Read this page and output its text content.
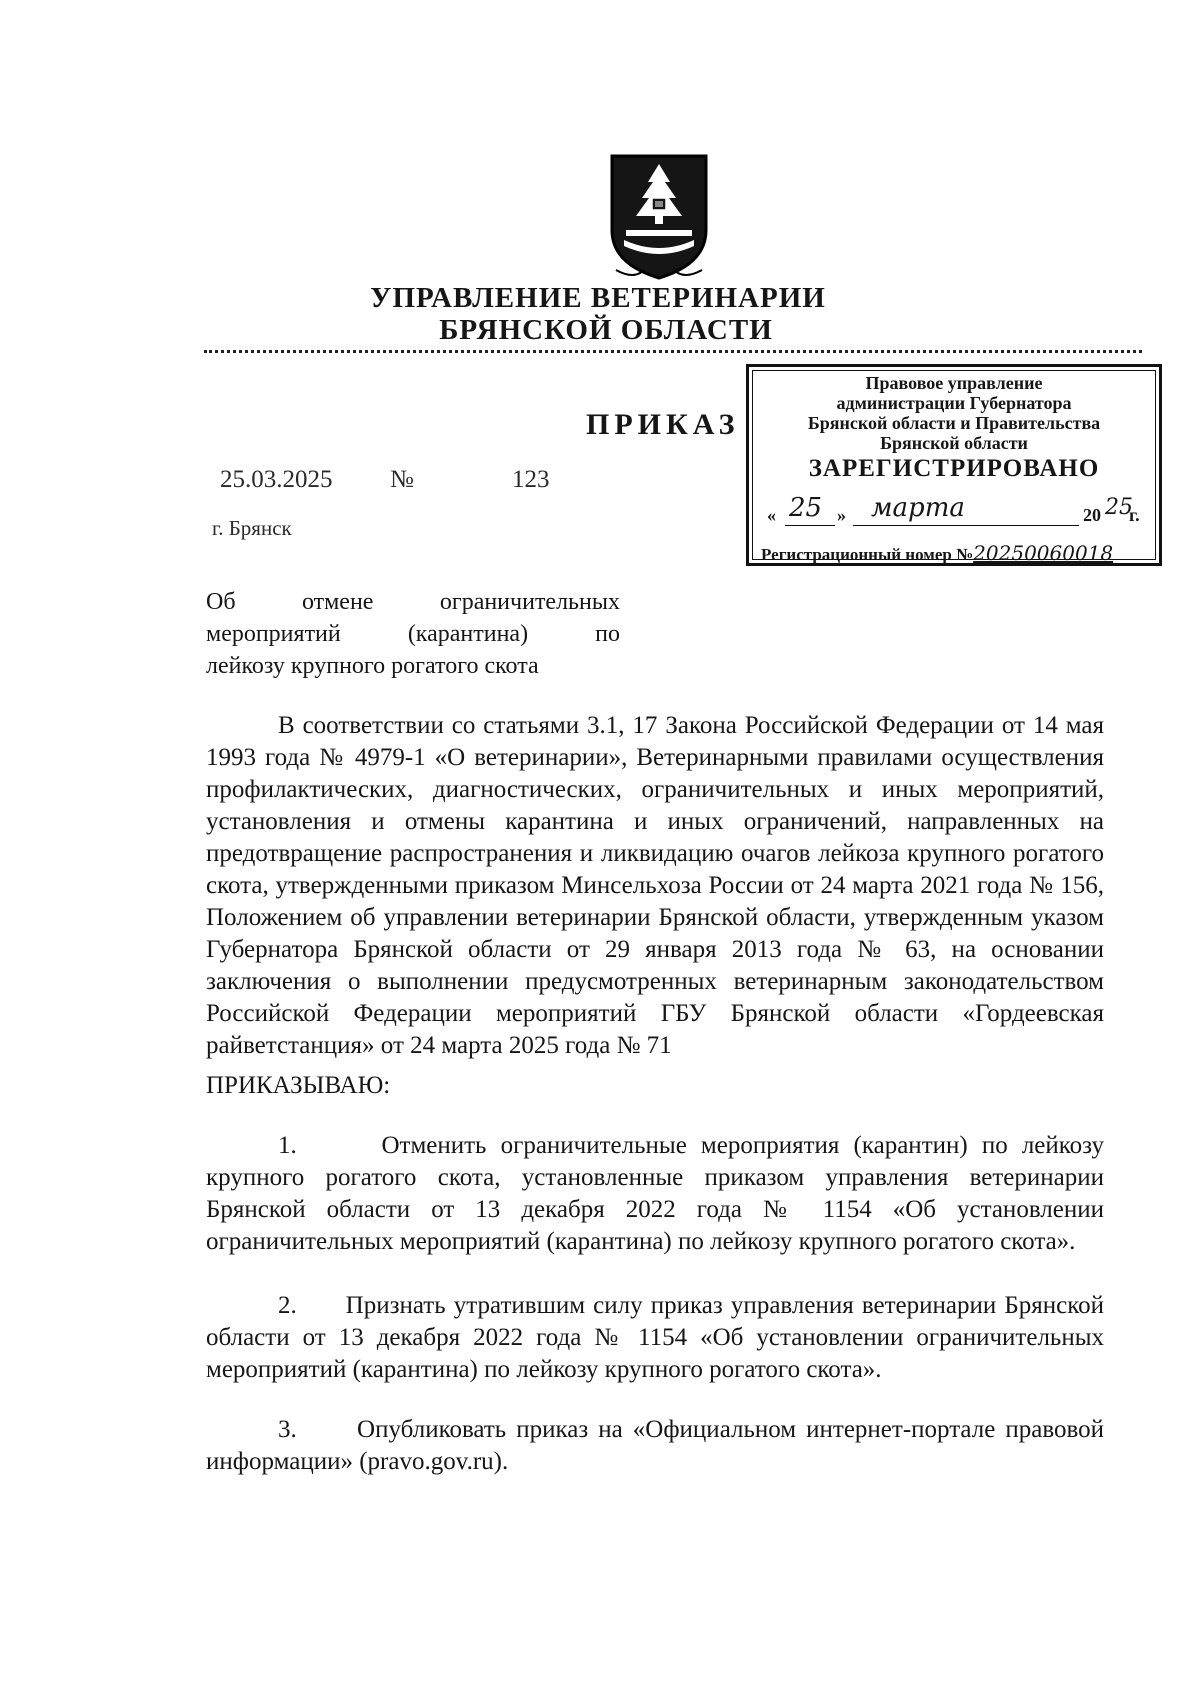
УПРАВЛЕНИЕ ВЕТЕРИНАРИИ
БРЯНСКОЙ ОБЛАСТИ
ПРИКАЗ
25.03.2025 №	123
г. Брянск
Правовое управление
администрации Губернатора
Брянской области и Правительства
Брянской области
ЗАРЕГИСТРИРОВАНО
« 25 » марта	20 25
г.
Регистрационный номер №20250060018
Об	отмене	ограничительных
мероприятий	(карантина)	по
лейкозу крупного рогатого скота
В соответствии со статьями 3.1, 17 Закона Российской Федерации от 14 мая 1993 года № 4979-1 «О ветеринарии», Ветеринарными правилами осуществления профилактических, диагностических, ограничительных и иных мероприятий, установления и отмены карантина и иных ограничений, направленных на предотвращение распространения и ликвидацию очагов лейкоза крупного рогатого скота, утвержденными приказом Минсельхоза России от 24 марта 2021 года № 156, Положением об управлении ветеринарии Брянской области, утвержденным указом Губернатора Брянской области от 29 января 2013 года № 63, на основании заключения о выполнении предусмотренных ветеринарным законодательством Российской Федерации мероприятий ГБУ Брянской области «Гордеевская райветстанция» от 24 марта 2025 года № 71
ПРИКАЗЫВАЮ:
1.      Отменить ограничительные мероприятия (карантин) по лейкозу крупного рогатого скота, установленные приказом управления ветеринарии Брянской области от 13 декабря 2022 года № 1154 «Об установлении ограничительных мероприятий (карантина) по лейкозу крупного рогатого скота».
2.      Признать утратившим силу приказ управления ветеринарии Брянской области от 13 декабря 2022 года № 1154 «Об установлении ограничительных мероприятий (карантина) по лейкозу крупного рогатого скота».
3.      Опубликовать приказ на «Официальном интернет-портале правовой информации» (pravo.gov.ru).
